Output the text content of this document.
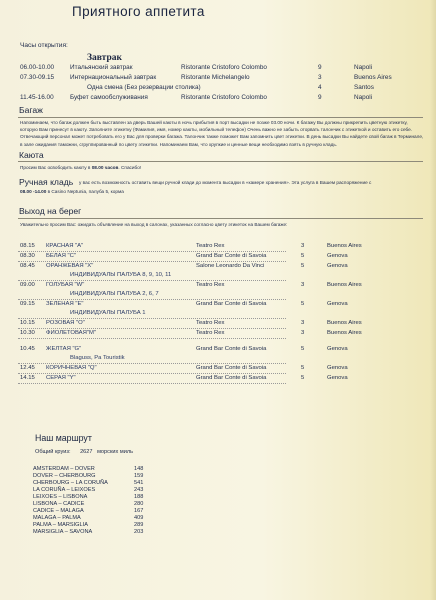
Приятного аппетита
Часы открытия:
Завтрак
06.00-10.00 Итальянский завтрак	Ristorante Cristoforo Colombo	9	Napoli
07.30-09.15 Интернациональный завтрак	Ristorante Michelangelo	3	Buenos Aires
Одна смена (Без резервации столика)	4	Santos
11.45-16.00	Буфет самообслуживания	Ristorante Cristoforo Colombo	9	Napoli
Багаж
Напоминаем, что багаж должен быть выставлен за дверь Вашей каюты в ночь прибытия в порт высадки не позже 03.00 ночи. К багажу Вы должны прикрепить цветную этикетку, которую Вам принесут в каюту. Заполните этикетку (Фамилия, имя, номер каюты, мобильный телефон) Очень важно не забыть оторвать талончик с этикеткой и оставить его себе. Отвечающий персонал может потребовать его у Вас для проверки багажа. Талончик также поможет Вам запомнить цвет этикетки. В день высадки Вы найдете свой багаж в Терминале, в зале ожидания таможни, сгруппированный по цвету этикетки. Напоминаем Вам, что хрупкие и ценные вещи необходимо взять в ручную кладь.
Каюта
Просим Вас освободить каюту в 08.00 часов. Спасибо!
Ручная кладь у вас есть возможность оставить вещи ручной клади до момента высадки в «камере хранения». Эта услуга в Вашем распоряжение с
08.00 -14.00 в Casino Neptunia, палуба 5, корма
Выход на берег
Уважительно просим Вас: ожидать объявление на выход в салонах, указанных согласно цвету этикеток на Вашем багаже:
08.15 КРАСНАЯ "A"	Teatro Rex	3	Buenos Aires
08.30 БЕЛАЯ "C"	Grand Bar Conte di Savoia	5	Genova
08.45 ОРАНЖЕВАЯ "X"	Salone Leonardo Da Vinci	5	Genova
ИНДИВИДУАЛЫ ПАЛУБА 8, 9, 10, 11
09.00 ГОЛУБАЯ "W"	Teatro Rex	3	Buenos Aires
ИНДИВИДУАЛЫ ПАЛУБА 2, 6, 7
09.15 ЗЕЛЕНАЯ "E"	Grand Bar Conte di Savoia	5	Genova
ИНДИВИДУАЛЫ ПАЛУБА 1
10.15 РОЗОВАЯ "O"	Teatro Rex	3	Buenos Aires
10.30 ФИОЛЕТОВАЯ"M"	Teatro Rex	3	Buenos Aires
10.45 ЖЕЛТАЯ "G"	Grand Bar Conte di Savoia	5	Genova
Blaguss, Pa Touristik
12.45 КОРИЧНЕВАЯ "Q"	Grand Bar Conte di Savoia	5	Genova
14.15 СЕРАЯ "Y"	Grand Bar Conte di Savoia	5	Genova
Наш маршрут
Общий круиз: 2627 морских миль
AMSTERDAM – DOVER	148
DOVER – CHERBOURG	159
CHERBOURG – LA CORUÑA	541
LA CORUÑA – LEIXOES	243
LEIXOES – LISBONA	188
LISBONA – CADICE	280
CADICE – MALAGA	167
MALAGA – PALMA	409
PALMA – MARSIGLIA	289
MARSIGLIA – SAVONA	203
